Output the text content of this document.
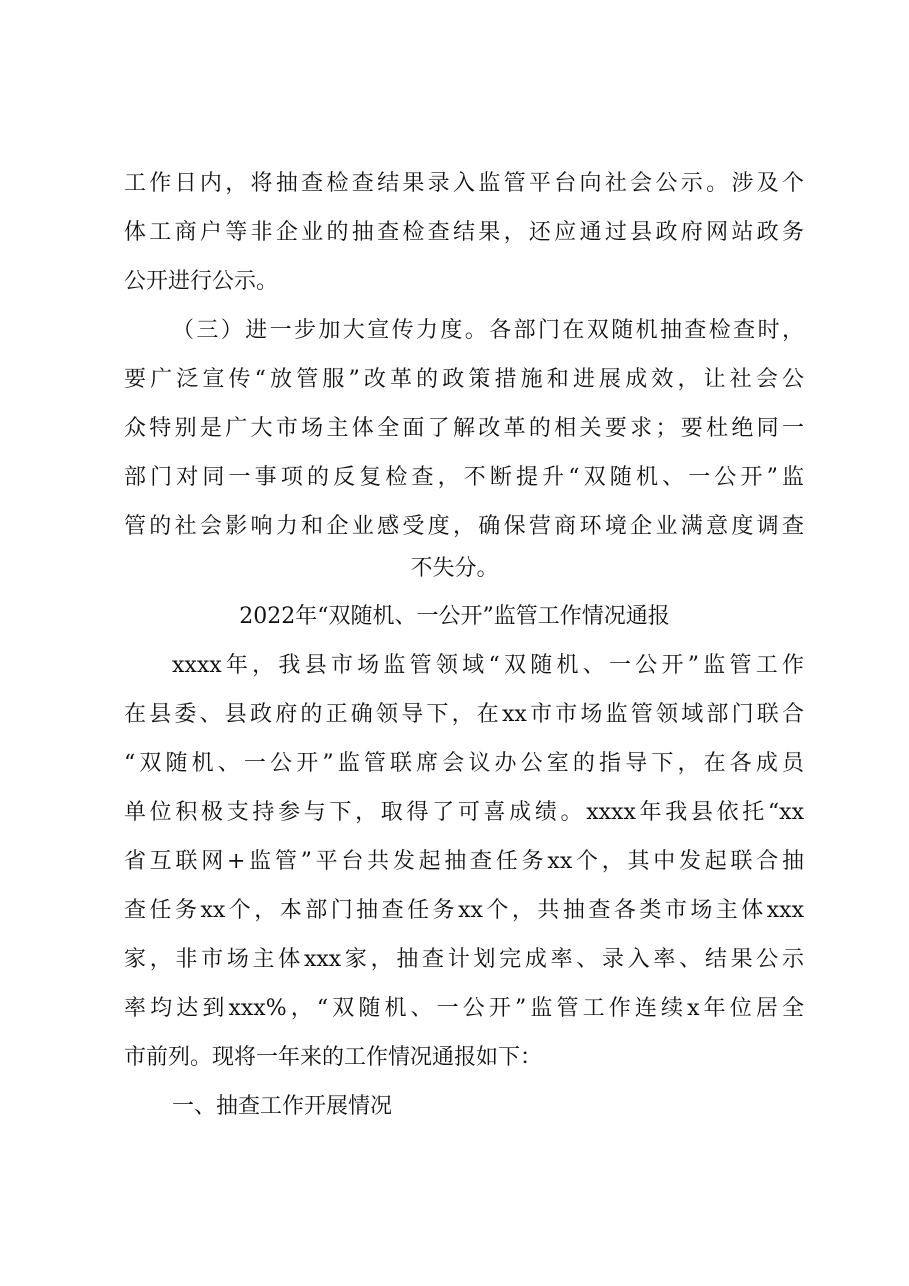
工作日内，将抽查检查结果录入监管平台向社会公示。涉及个
体工商户等非企业的抽查检查结果，还应通过县政府网站政务
公开进行公示。
（三）进一步加大宣传力度。各部门在双随机抽查检查时，
要广泛宣传“放管服”改革的政策措施和进展成效，让社会公
众特别是广大市场主体全面了解改革的相关要求；要杜绝同一
部门对同一事项的反复检查，不断提升“双随机、一公开”监
管的社会影响力和企业感受度，确保营商环境企业满意度调查
不失分。
2022年“双随机、一公开”监管工作情况通报
xxxx年，我县市场监管领域“双随机、一公开”监管工作
在县委、县政府的正确领导下，在xx市市场监管领域部门联合
“双随机、一公开”监管联席会议办公室的指导下，在各成员
单位积极支持参与下，取得了可喜成绩。xxxx年我县依托“xx
省互联网+监管”平台共发起抽查任务xx个，其中发起联合抽
查任务xx个，本部门抽查任务xx个，共抽查各类市场主体xxx
家，非市场主体xxx家，抽查计划完成率、录入率、结果公示
率均达到xxx%，“双随机、一公开”监管工作连续x年位居全
市前列。现将一年来的工作情况通报如下：
一、抽查工作开展情况
